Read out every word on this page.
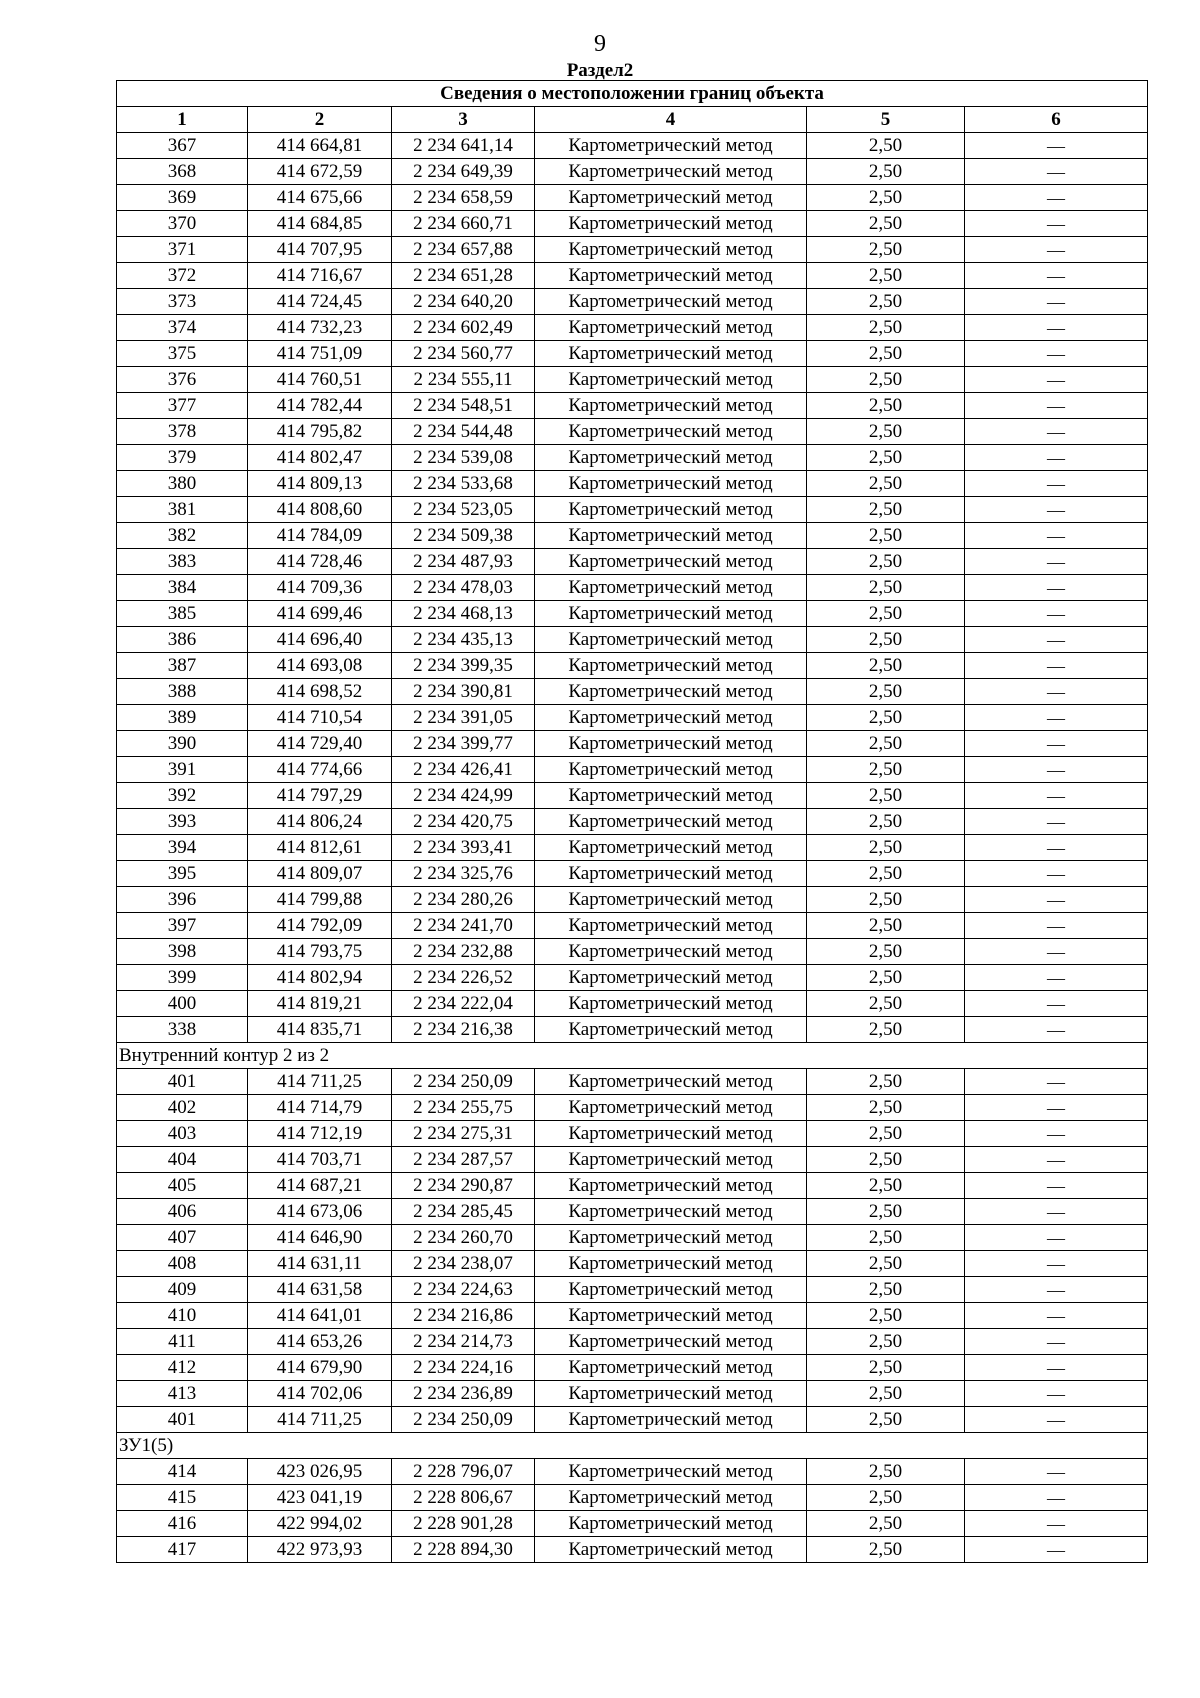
9
Раздел2
Сведения о местоположении границ объекта					
1	2	3	4	5	6
367	414 664,81	2 234 641,14	Картометрический метод	2,50	—
368	414 672,59	2 234 649,39	Картометрический метод	2,50	—
369	414 675,66	2 234 658,59	Картометрический метод	2,50	—
370	414 684,85	2 234 660,71	Картометрический метод	2,50	—
371	414 707,95	2 234 657,88	Картометрический метод	2,50	—
372	414 716,67	2 234 651,28	Картометрический метод	2,50	—
373	414 724,45	2 234 640,20	Картометрический метод	2,50	—
374	414 732,23	2 234 602,49	Картометрический метод	2,50	—
375	414 751,09	2 234 560,77	Картометрический метод	2,50	—
376	414 760,51	2 234 555,11	Картометрический метод	2,50	—
377	414 782,44	2 234 548,51	Картометрический метод	2,50	—
378	414 795,82	2 234 544,48	Картометрический метод	2,50	—
379	414 802,47	2 234 539,08	Картометрический метод	2,50	—
380	414 809,13	2 234 533,68	Картометрический метод	2,50	—
381	414 808,60	2 234 523,05	Картометрический метод	2,50	—
382	414 784,09	2 234 509,38	Картометрический метод	2,50	—
383	414 728,46	2 234 487,93	Картометрический метод	2,50	—
384	414 709,36	2 234 478,03	Картометрический метод	2,50	—
385	414 699,46	2 234 468,13	Картометрический метод	2,50	—
386	414 696,40	2 234 435,13	Картометрический метод	2,50	—
387	414 693,08	2 234 399,35	Картометрический метод	2,50	—
388	414 698,52	2 234 390,81	Картометрический метод	2,50	—
389	414 710,54	2 234 391,05	Картометрический метод	2,50	—
390	414 729,40	2 234 399,77	Картометрический метод	2,50	—
391	414 774,66	2 234 426,41	Картометрический метод	2,50	—
392	414 797,29	2 234 424,99	Картометрический метод	2,50	—
393	414 806,24	2 234 420,75	Картометрический метод	2,50	—
394	414 812,61	2 234 393,41	Картометрический метод	2,50	—
395	414 809,07	2 234 325,76	Картометрический метод	2,50	—
396	414 799,88	2 234 280,26	Картометрический метод	2,50	—
397	414 792,09	2 234 241,70	Картометрический метод	2,50	—
398	414 793,75	2 234 232,88	Картометрический метод	2,50	—
399	414 802,94	2 234 226,52	Картометрический метод	2,50	—
400	414 819,21	2 234 222,04	Картометрический метод	2,50	—
338	414 835,71	2 234 216,38	Картометрический метод	2,50	—
Внутренний контур 2 из 2					
401	414 711,25	2 234 250,09	Картометрический метод	2,50	—
402	414 714,79	2 234 255,75	Картометрический метод	2,50	—
403	414 712,19	2 234 275,31	Картометрический метод	2,50	—
404	414 703,71	2 234 287,57	Картометрический метод	2,50	—
405	414 687,21	2 234 290,87	Картометрический метод	2,50	—
406	414 673,06	2 234 285,45	Картометрический метод	2,50	—
407	414 646,90	2 234 260,70	Картометрический метод	2,50	—
408	414 631,11	2 234 238,07	Картометрический метод	2,50	—
409	414 631,58	2 234 224,63	Картометрический метод	2,50	—
410	414 641,01	2 234 216,86	Картометрический метод	2,50	—
411	414 653,26	2 234 214,73	Картометрический метод	2,50	—
412	414 679,90	2 234 224,16	Картометрический метод	2,50	—
413	414 702,06	2 234 236,89	Картометрический метод	2,50	—
401	414 711,25	2 234 250,09	Картометрический метод	2,50	—
ЗУ1(5)					
414	423 026,95	2 228 796,07	Картометрический метод	2,50	—
415	423 041,19	2 228 806,67	Картометрический метод	2,50	—
416	422 994,02	2 228 901,28	Картометрический метод	2,50	—
417	422 973,93	2 228 894,30	Картометрический метод	2,50	—
